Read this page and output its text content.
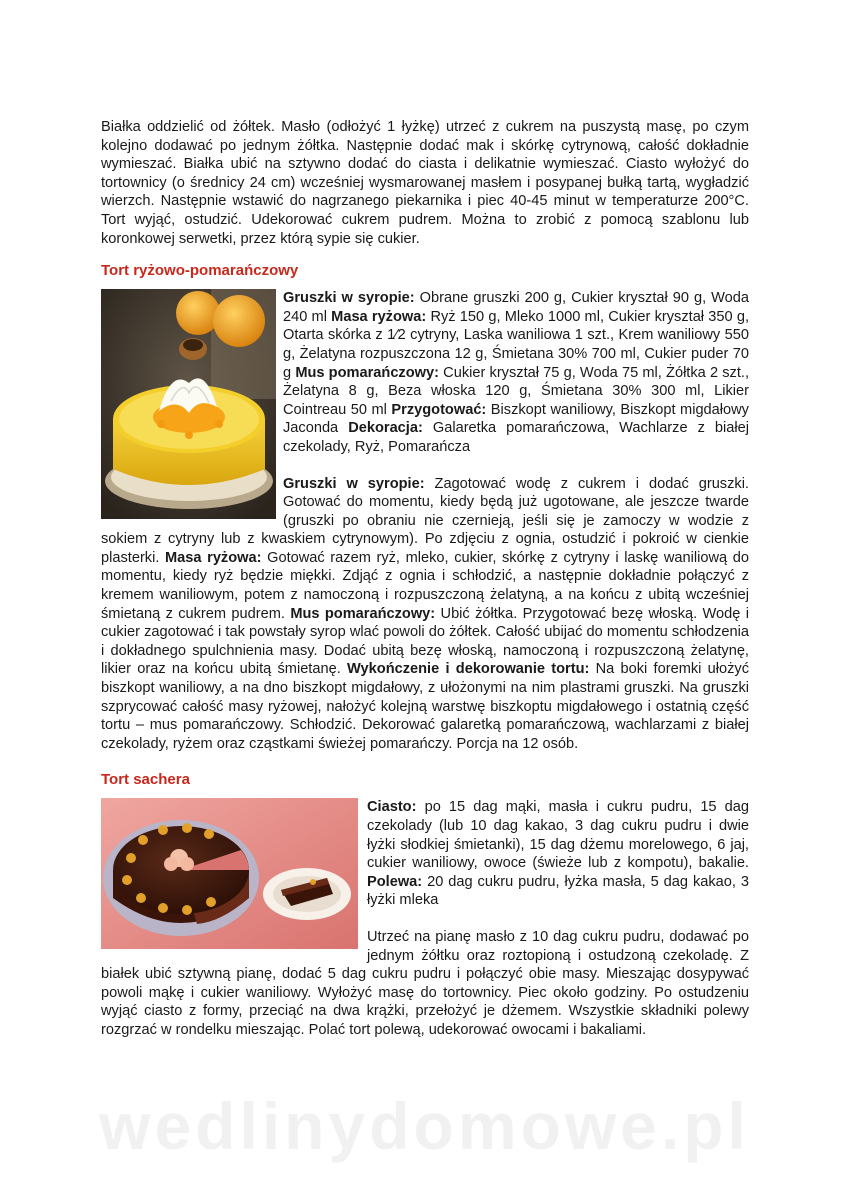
Białka oddzielić od żółtek. Masło (odłożyć 1 łyżkę) utrzeć z cukrem na puszystą masę, po czym kolejno dodawać po jednym żółtka. Następnie dodać mak i skórkę cytrynową, całość dokładnie wymieszać. Białka ubić na sztywno dodać do ciasta i delikatnie wymieszać. Ciasto wyłożyć do tortownicy (o średnicy 24 cm) wcześniej wysmarowanej masłem i posypanej bułką tartą, wygładzić wierzch. Następnie wstawić do nagrzanego piekarnika i piec 40-45 minut w temperaturze 200°C. Tort wyjąć, ostudzić. Udekorować cukrem pudrem. Można to zrobić z pomocą szablonu lub koronkowej serwetki, przez którą sypie się cukier.

Tort ryżowo-pomarańczowy

Gruszki w syropie: Obrane gruszki 200 g, Cukier kryształ 90 g, Woda 240 ml Masa ryżowa: Ryż 150 g, Mleko 1000 ml, Cukier kryształ 350 g, Otarta skórka z 1⁄2 cytryny, Laska waniliowa 1 szt., Krem waniliowy 550 g, Żelatyna rozpuszczona 12 g, Śmietana 30% 700 ml, Cukier puder 70 g Mus pomarańczowy: Cukier kryształ 75 g, Woda 75 ml, Żółtka 2 szt., Żelatyna 8 g, Beza włoska 120 g, Śmietana 30% 300 ml, Likier Cointreau 50 ml Przygotować: Biszkopt waniliowy, Biszkopt migdałowy Jaconda Dekoracja: Galaretka pomarańczowa, Wachlarze z białej czekolady, Ryż, Pomarańcza

Gruszki w syropie: Zagotować wodę z cukrem i dodać gruszki. Gotować do momentu, kiedy będą już ugotowane, ale jeszcze twarde (gruszki po obraniu nie czernieją, jeśli się je zamoczy w wodzie z sokiem z cytryny lub z kwaskiem cytrynowym). Po zdjęciu z ognia, ostudzić i pokroić w cienkie plasterki. Masa ryżowa: Gotować razem ryż, mleko, cukier, skórkę z cytryny i laskę waniliową do momentu, kiedy ryż będzie miękki. Zdjąć z ognia i schłodzić, a następnie dokładnie połączyć z kremem waniliowym, potem z namoczoną i rozpuszczoną żelatyną, a na końcu z ubitą wcześniej śmietaną z cukrem pudrem. Mus pomarańczowy: Ubić żółtka. Przygotować bezę włoską. Wodę i cukier zagotować i tak powstały syrop wlać powoli do żółtek. Całość ubijać do momentu schłodzenia i dokładnego spulchnienia masy. Dodać ubitą bezę włoską, namoczoną i rozpuszczoną żelatynę, likier oraz na końcu ubitą śmietanę. Wykończenie i dekorowanie tortu: Na boki foremki ułożyć biszkopt waniliowy, a na dno biszkopt migdałowy, z ułożonymi na nim plastrami gruszki. Na gruszki szprycować całość masy ryżowej, nałożyć kolejną warstwę biszkoptu migdałowego i ostatnią część tortu – mus pomarańczowy. Schłodzić. Dekorować galaretką pomarańczową, wachlarzami z białej czekolady, ryżem oraz cząstkami świeżej pomarańczy. Porcja na 12 osób.

Tort sachera

Ciasto: po 15 dag mąki, masła i cukru pudru, 15 dag czekolady (lub 10 dag kakao, 3 dag cukru pudru i dwie łyżki słodkiej śmietanki), 15 dag dżemu morelowego, 6 jaj, cukier waniliowy, owoce (świeże lub z kompotu), bakalie. Polewa: 20 dag cukru pudru, łyżka masła, 5 dag kakao, 3 łyżki mleka

Utrzeć na pianę masło z 10 dag cukru pudru, dodawać po jednym żółtku oraz roztopioną i ostudzoną czekoladę. Z białek ubić sztywną pianę, dodać 5 dag cukru pudru i połączyć obie masy. Mieszając dosypywać powoli mąkę i cukier waniliowy. Wyłożyć masę do tortownicy. Piec około godziny. Po ostudzeniu wyjąć ciasto z formy, przeciąć na dwa krążki, przełożyć je dżemem. Wszystkie składniki polewy rozgrzać w rondelku mieszając. Polać tort polewą, udekorować owocami i bakaliami.

wedlinydomowe.pl
